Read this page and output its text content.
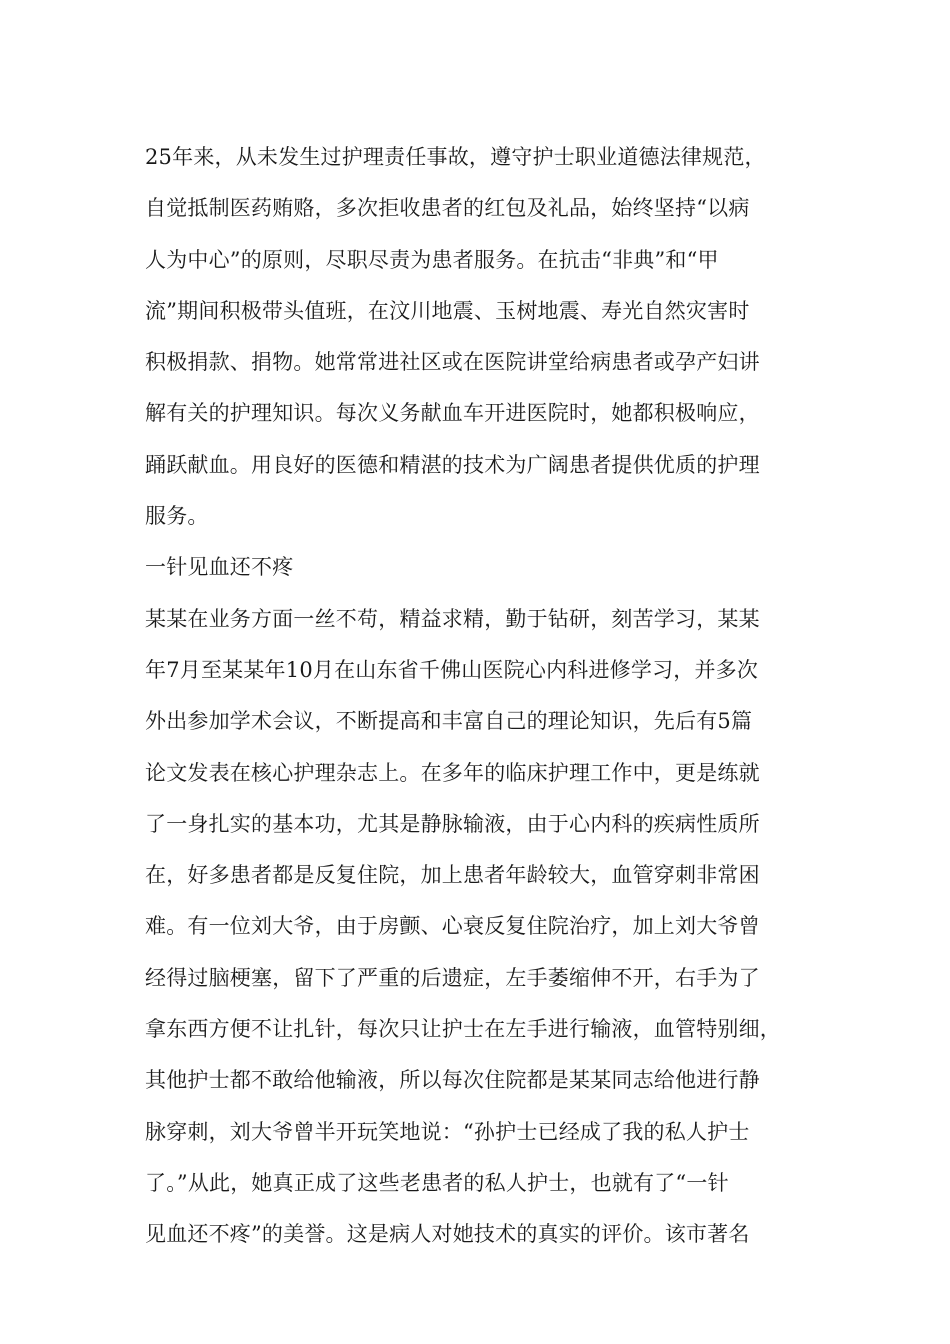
25年来，从未发生过护理责任事故，遵守护士职业道德法律规范，
自觉抵制医药贿赂，多次拒收患者的红包及礼品，始终坚持“以病
人为中心”的原则，尽职尽责为患者服务。在抗击“非典”和“甲
流”期间积极带头值班，在汶川地震、玉树地震、寿光自然灾害时
积极捐款、捐物。她常常进社区或在医院讲堂给病患者或孕产妇讲
解有关的护理知识。每次义务献血车开进医院时，她都积极响应，
踊跃献血。用良好的医德和精湛的技术为广阔患者提供优质的护理
服务。
一针见血还不疼
某某在业务方面一丝不苟，精益求精，勤于钻研，刻苦学习，某某
年7月至某某年10月在山东省千佛山医院心内科进修学习，并多次
外出参加学术会议，不断提高和丰富自己的理论知识，先后有5篇
论文发表在核心护理杂志上。在多年的临床护理工作中，更是练就
了一身扎实的基本功，尤其是静脉输液，由于心内科的疾病性质所
在，好多患者都是反复住院，加上患者年龄较大，血管穿刺非常困
难。有一位刘大爷，由于房颤、心衰反复住院治疗，加上刘大爷曾
经得过脑梗塞，留下了严重的后遗症，左手萎缩伸不开，右手为了
拿东西方便不让扎针，每次只让护士在左手进行输液，血管特别细，
其他护士都不敢给他输液，所以每次住院都是某某同志给他进行静
脉穿刺，刘大爷曾半开玩笑地说：“孙护士已经成了我的私人护士
了。”从此，她真正成了这些老患者的私人护士，也就有了“一针
见血还不疼”的美誉。这是病人对她技术的真实的评价。该市著名
